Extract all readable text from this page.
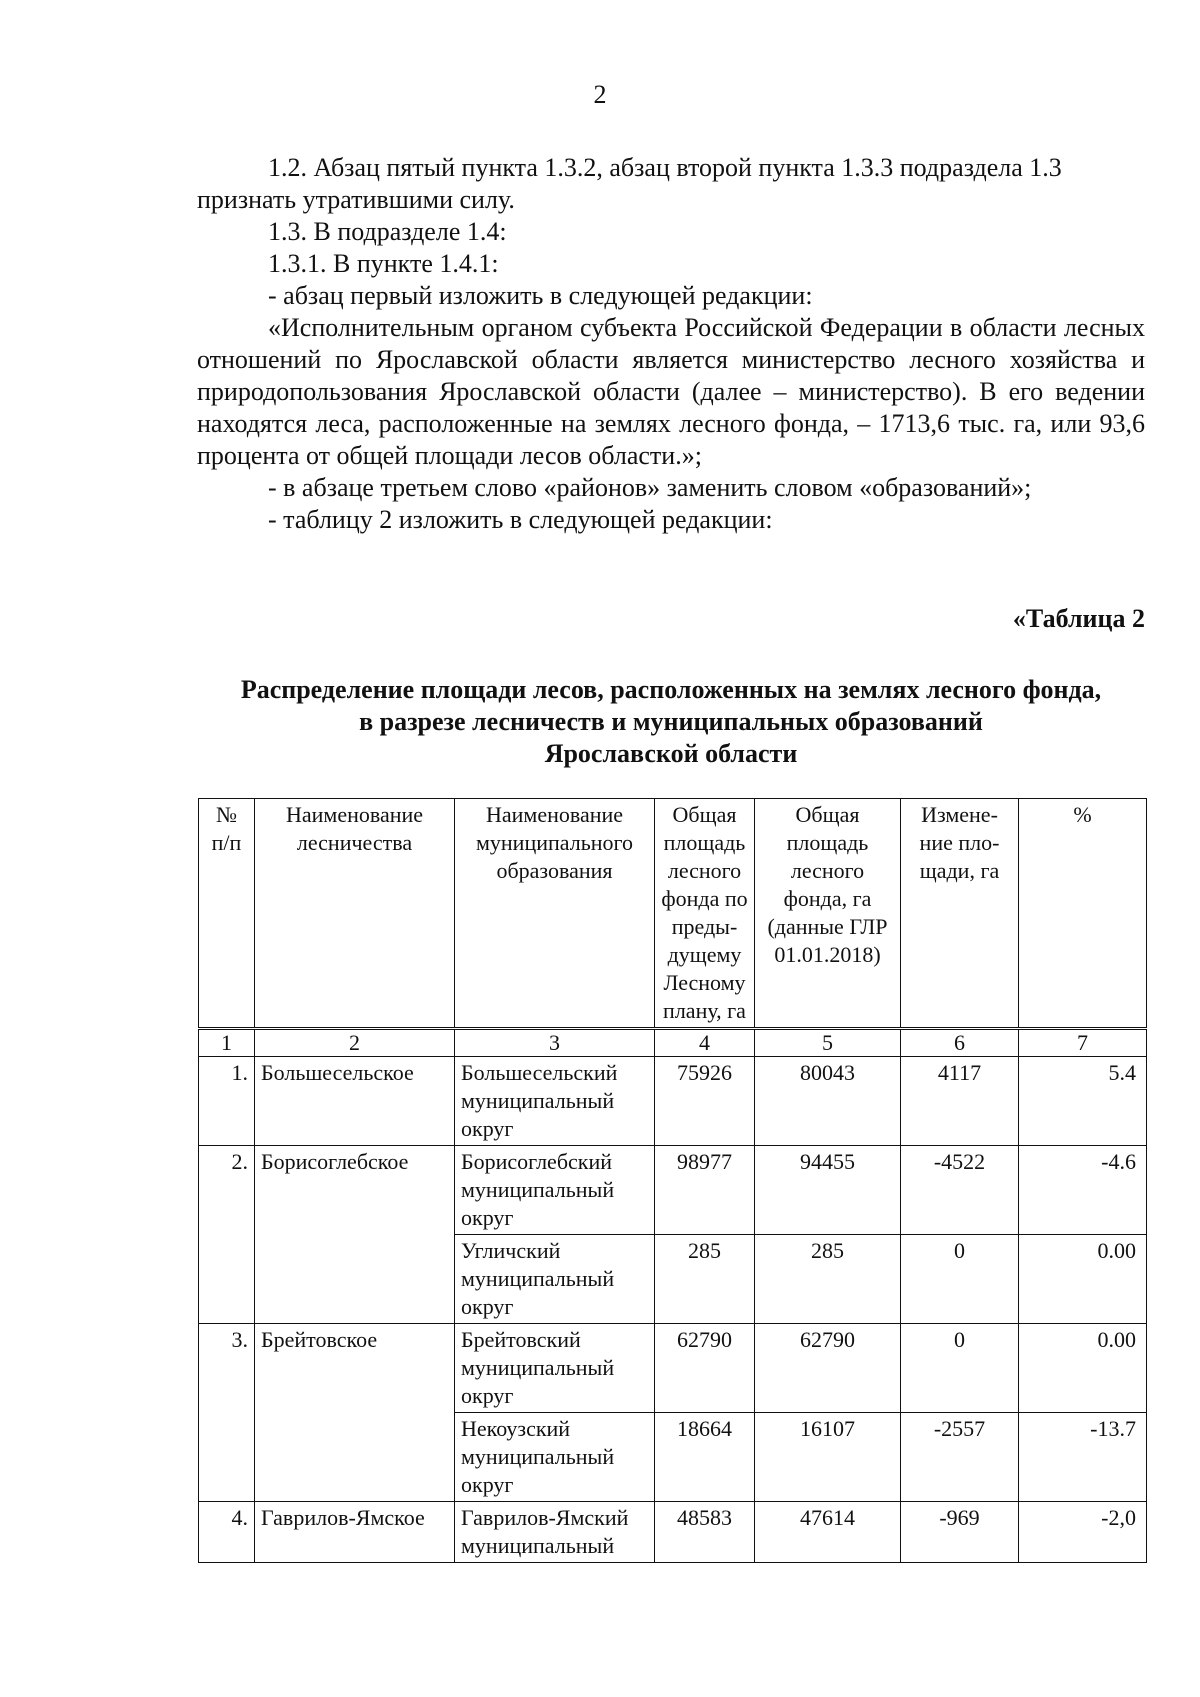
2

1.2. Абзац пятый пункта 1.3.2, абзац второй пункта 1.3.3 подраздела 1.3

признать утратившими силу.

1.3. В подразделе 1.4:

1.3.1. В пункте 1.4.1:

- абзац первый изложить в следующей редакции:

«Исполнительным органом субъекта Российской Федерации в области лесных отношений по Ярославской области является министерство лесного хозяйства и природопользования Ярославской области (далее – министерство). В его ведении находятся леса, расположенные на землях лесного фонда, – 1713,6 тыс. га, или 93,6 процента от общей площади лесов области.»;

- в абзаце третьем слово «районов» заменить словом «образований»;

- таблицу 2 изложить в следующей редакции:

«Таблица 2
Распределение площади лесов, расположенных на землях лесного фонда,
в разрезе лесничеств и муниципальных образований
Ярославской области
№ п/п	Наименование лесничества	Наименование муниципального образования	Общая площадь лесного фонда по преды-дущему Лесному плану, га	Общая площадь лесного фонда, га (данные ГЛР 01.01.2018)	Измене-ние пло-щади, га	%
1	2	3	4	5	6	7
1.	Большесельское	Большесельский муниципальный округ	75926	80043	4117	5.4
2.	Борисоглебское	Борисоглебский муниципальный округ	98977	94455	-4522	-4.6
		Угличский муниципальный округ	285	285	0	0.00
3.	Брейтовское	Брейтовский муниципальный округ	62790	62790	0	0.00
		Некоузский муниципальный округ	18664	16107	-2557	-13.7
4.	Гаврилов-Ямское	Гаврилов-Ямский муниципальный	48583	47614	-969	-2,0
